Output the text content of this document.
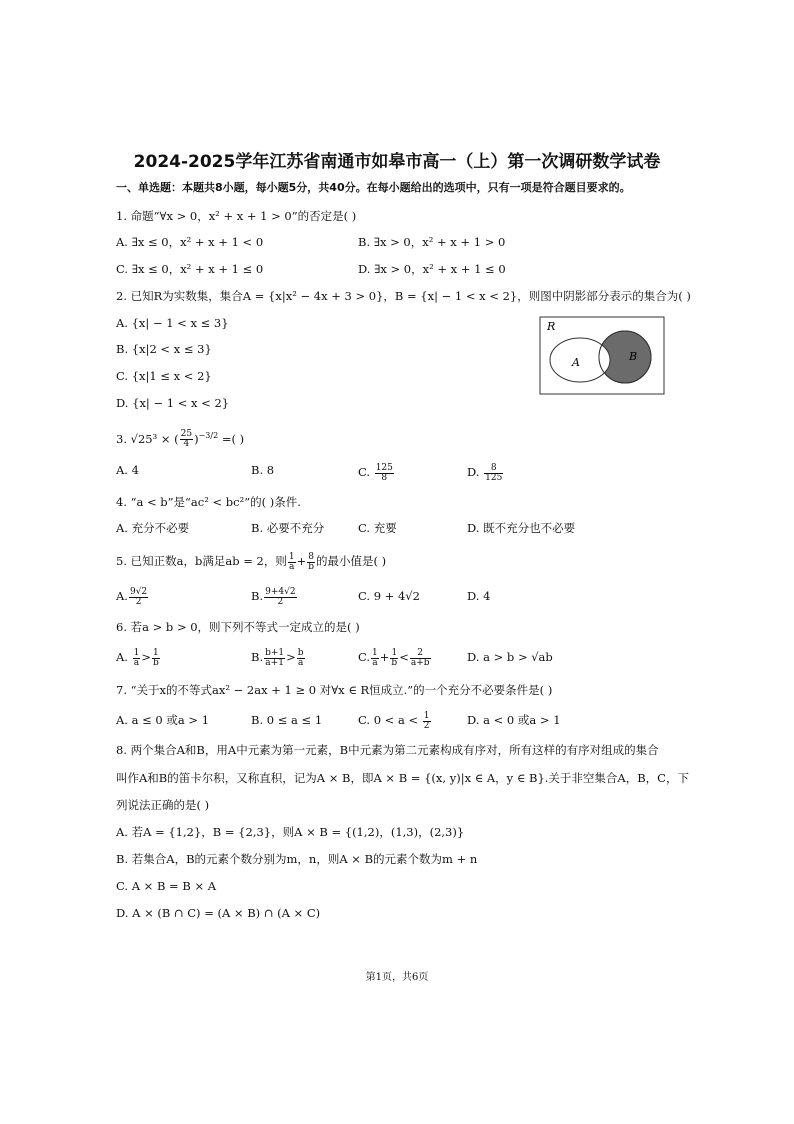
2024-2025学年江苏省南通市如皋市高一（上）第一次调研数学试卷
一、单选题：本题共8小题，每小题5分，共40分。在每小题给出的选项中，只有一项是符合题目要求的。
1. 命题“∀x > 0，x² + x + 1 > 0”的否定是( )
A. ∃x ≤ 0，x² + x + 1 < 0	B. ∃x > 0，x² + x + 1 > 0
C. ∃x ≤ 0，x² + x + 1 ≤ 0	D. ∃x > 0，x² + x + 1 ≤ 0
2. 已知R为实数集，集合A = {x|x² − 4x + 3 > 0}，B = {x| − 1 < x < 2}，则图中阴影部分表示的集合为( )
A. {x| − 1 < x ≤ 3}
B. {x|2 < x ≤ 3}
C. {x|1 ≤ x < 2}
D. {x| − 1 < x < 2}
R
A	B
3. √25³ × ( $\frac{25}{4} )^{-3/2}$ =( )
A. 4	B. 8	C. $\frac{125}{8}$	D. $\frac{8}{125}$
4. “a < b”是“ac² < bc²”的( )条件.
A. 充分不必要	B. 必要不充分	C. 充要	D. 既不充分也不必要
5. 已知正数a，b满足ab = 2，则 $\frac{1}{a} + \frac{8}{b}$ 的最小值是( )
A. $\frac{9√2}{2}$	B. $\frac{9+4√2}{2}$	C. 9 + 4√2	D. 4
6. 若a > b > 0，则下列不等式一定成立的是( )
A. $\frac{1}{a} > \frac{1}{b}$	B. $\frac{b+1}{a+1} > \frac{b}{a}$	C. $\frac{1}{a} + \frac{1}{b} < \frac{2}{a+b}$	D. a > b > √ab
7. “关于x的不等式ax² − 2ax + 1 ≥ 0 对∀x ∈ R恒成立.”的一个充分不必要条件是( )
A. a ≤ 0 或a > 1	B. 0 ≤ a ≤ 1	C. $0 < a < \frac{1}{2}$	D. a < 0 或a > 1
8. 两个集合A和B，用A中元素为第一元素，B中元素为第二元素构成有序对，所有这样的有序对组成的集合
叫作A和B的笛卡尔积，又称直积，记为A × B，即A × B = {(x, y)|x ∈ A，y ∈ B}.关于非空集合A，B，C，下
列说法正确的是( )
A. 若A = {1,2}，B = {2,3}，则A × B = {(1,2)，(1,3)，(2,3)}
B. 若集合A，B的元素个数分别为m，n，则A × B的元素个数为m + n
C. A × B = B × A
D. A × (B ∩ C) = (A × B) ∩ (A × C)
第1页，共6页
